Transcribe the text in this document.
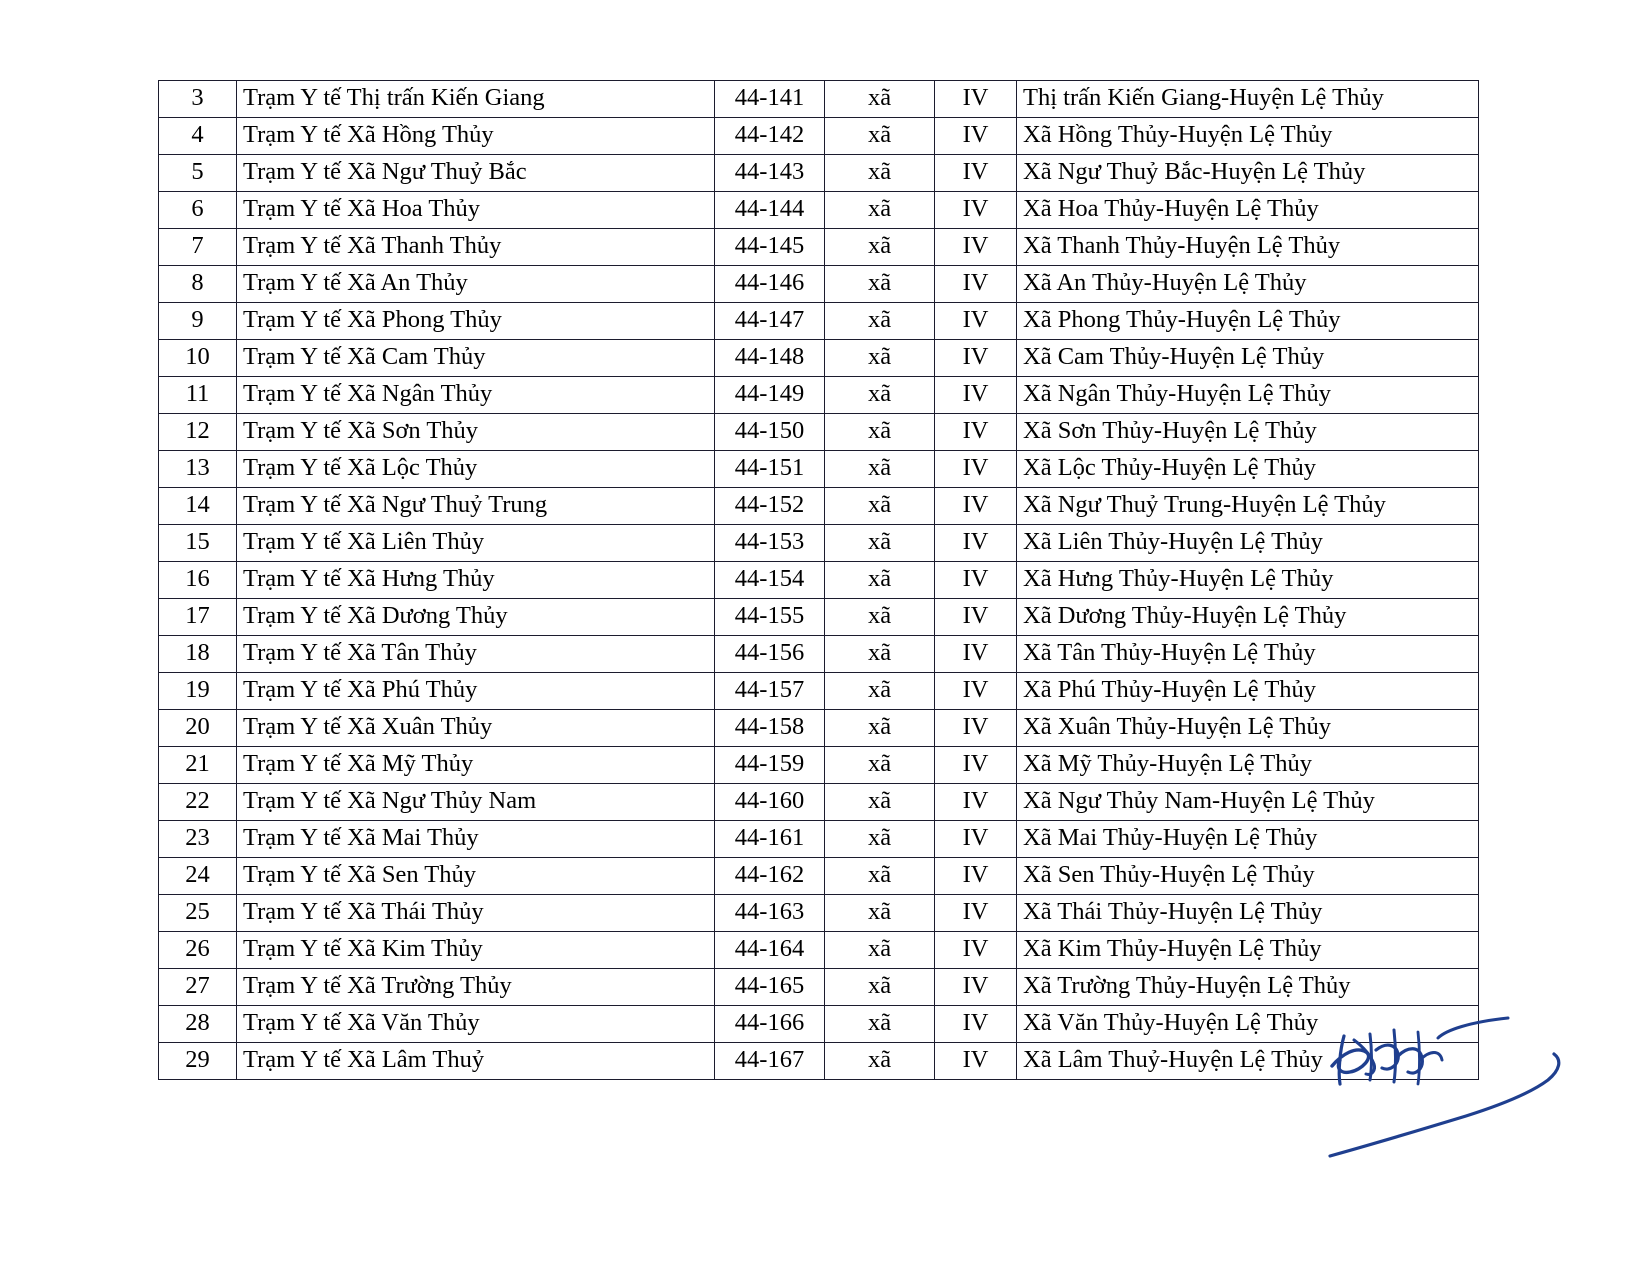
3	Trạm Y tế Thị trấn Kiến Giang	44-141	xã	IV	Thị trấn Kiến Giang-Huyện Lệ Thủy
4	Trạm Y tế Xã Hồng Thủy	44-142	xã	IV	Xã Hồng Thủy-Huyện Lệ Thủy
5	Trạm Y tế Xã Ngư Thuỷ Bắc	44-143	xã	IV	Xã Ngư Thuỷ Bắc-Huyện Lệ Thủy
6	Trạm Y tế Xã Hoa Thủy	44-144	xã	IV	Xã Hoa Thủy-Huyện Lệ Thủy
7	Trạm Y tế Xã Thanh Thủy	44-145	xã	IV	Xã Thanh Thủy-Huyện Lệ Thủy
8	Trạm Y tế Xã An Thủy	44-146	xã	IV	Xã An Thủy-Huyện Lệ Thủy
9	Trạm Y tế Xã Phong Thủy	44-147	xã	IV	Xã Phong Thủy-Huyện Lệ Thủy
10	Trạm Y tế Xã Cam Thủy	44-148	xã	IV	Xã Cam Thủy-Huyện Lệ Thủy
11	Trạm Y tế Xã Ngân Thủy	44-149	xã	IV	Xã Ngân Thủy-Huyện Lệ Thủy
12	Trạm Y tế Xã Sơn Thủy	44-150	xã	IV	Xã Sơn Thủy-Huyện Lệ Thủy
13	Trạm Y tế Xã Lộc Thủy	44-151	xã	IV	Xã Lộc Thủy-Huyện Lệ Thủy
14	Trạm Y tế Xã Ngư Thuỷ Trung	44-152	xã	IV	Xã Ngư Thuỷ Trung-Huyện Lệ Thủy
15	Trạm Y tế Xã Liên Thủy	44-153	xã	IV	Xã Liên Thủy-Huyện Lệ Thủy
16	Trạm Y tế Xã Hưng Thủy	44-154	xã	IV	Xã Hưng Thủy-Huyện Lệ Thủy
17	Trạm Y tế Xã Dương Thủy	44-155	xã	IV	Xã Dương Thủy-Huyện Lệ Thủy
18	Trạm Y tế Xã Tân Thủy	44-156	xã	IV	Xã Tân Thủy-Huyện Lệ Thủy
19	Trạm Y tế Xã Phú Thủy	44-157	xã	IV	Xã Phú Thủy-Huyện Lệ Thủy
20	Trạm Y tế Xã Xuân Thủy	44-158	xã	IV	Xã Xuân Thủy-Huyện Lệ Thủy
21	Trạm Y tế Xã Mỹ Thủy	44-159	xã	IV	Xã Mỹ Thủy-Huyện Lệ Thủy
22	Trạm Y tế Xã Ngư Thủy Nam	44-160	xã	IV	Xã Ngư Thủy Nam-Huyện Lệ Thủy
23	Trạm Y tế Xã Mai Thủy	44-161	xã	IV	Xã Mai Thủy-Huyện Lệ Thủy
24	Trạm Y tế Xã Sen Thủy	44-162	xã	IV	Xã Sen Thủy-Huyện Lệ Thủy
25	Trạm Y tế Xã Thái Thủy	44-163	xã	IV	Xã Thái Thủy-Huyện Lệ Thủy
26	Trạm Y tế Xã Kim Thủy	44-164	xã	IV	Xã Kim Thủy-Huyện Lệ Thủy
27	Trạm Y tế Xã Trường Thủy	44-165	xã	IV	Xã Trường Thủy-Huyện Lệ Thủy
28	Trạm Y tế Xã Văn Thủy	44-166	xã	IV	Xã Văn Thủy-Huyện Lệ Thủy
29	Trạm Y tế Xã Lâm Thuỷ	44-167	xã	IV	Xã Lâm Thuỷ-Huyện Lệ Thủy
